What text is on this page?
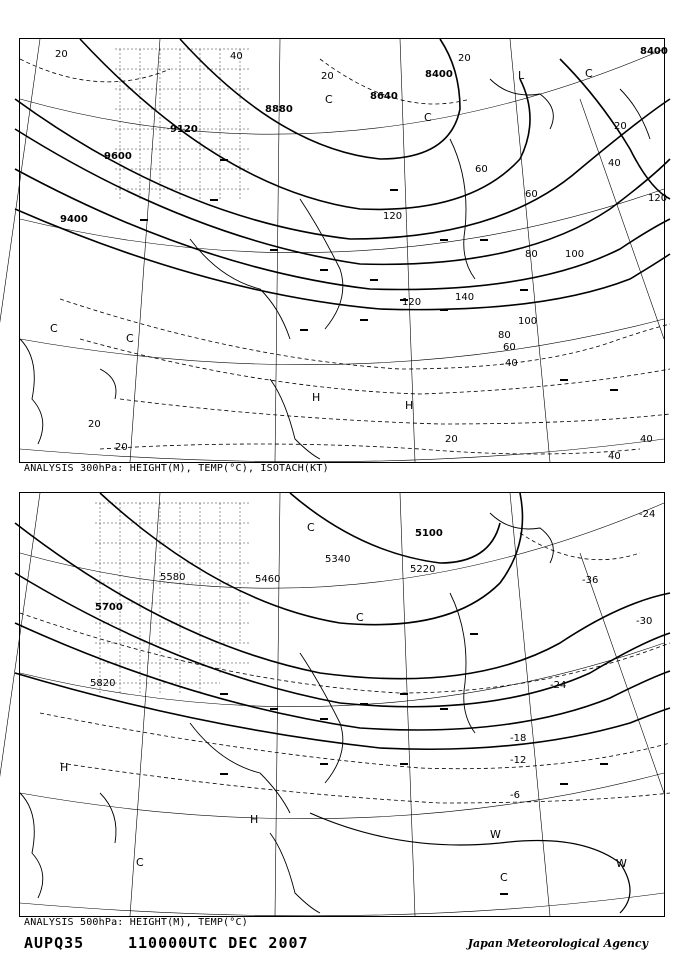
9600
9120
9400
8400
8640
8880
8400
20	40
60
80	100
120
140
120
100
80
60
40
20
20
20	40
40
20
40
60
20
120
20
C
C
C
L
C
C
H
H
ANALYSIS 300hPa: HEIGHT(M), TEMP(°C), ISOTACH(KT)
5820
5700
5580	5460
5340
5220
5100
-36
-30
-24
-18
-12
-6
-24
C
C
C
H
H
C
W
W
ANALYSIS 500hPa: HEIGHT(M), TEMP(°C)
AUPQ35	110000UTC DEC 2007	Japan Meteorological Agency
